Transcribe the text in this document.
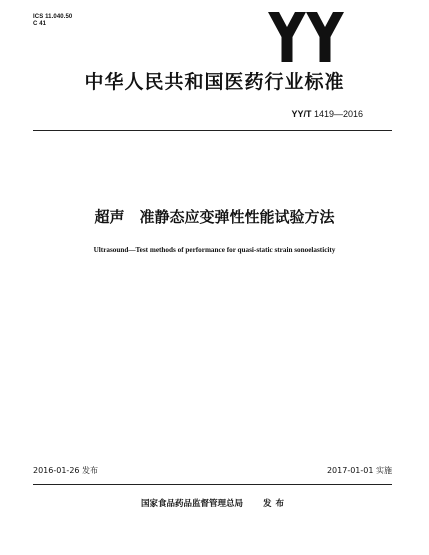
ICS 11.040.50
C 41
中华人民共和国医药行业标准
YY/T 1419—2016
超声　准静态应变弹性性能试验方法
Ultrasound—Test methods of performance for quasi-static strain sonoelasticity
2016-01-26 发布	2017-01-01 实施
国家食品药品监督管理总局 发布
